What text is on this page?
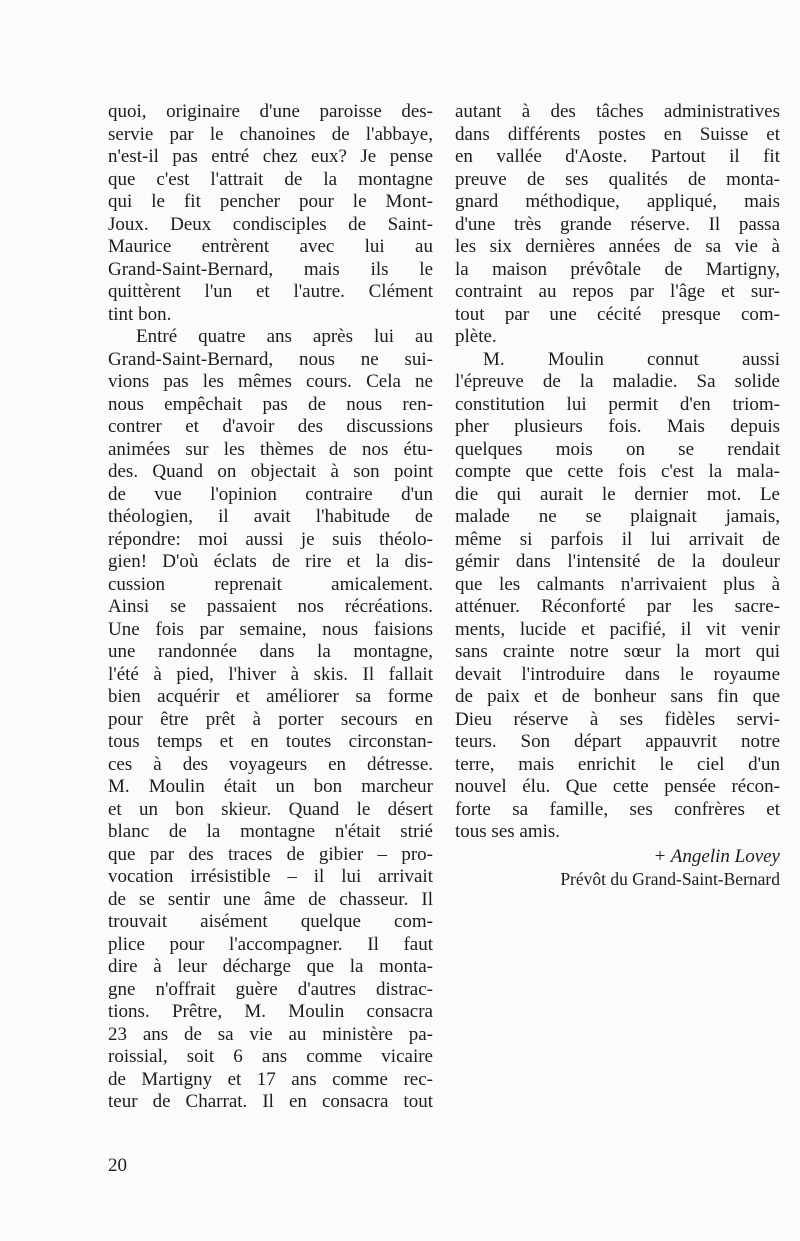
quoi, originaire d'une paroisse des-
servie par le chanoines de l'abbaye,
n'est-il pas entré chez eux? Je pense
que c'est l'attrait de la montagne
qui le fit pencher pour le Mont-
Joux. Deux condisciples de Saint-
Maurice entrèrent avec lui au
Grand-Saint-Bernard, mais ils le
quittèrent l'un et l'autre. Clément
tint bon.
Entré quatre ans après lui au
Grand-Saint-Bernard, nous ne sui-
vions pas les mêmes cours. Cela ne
nous empêchait pas de nous ren-
contrer et d'avoir des discussions
animées sur les thèmes de nos étu-
des. Quand on objectait à son point
de vue l'opinion contraire d'un
théologien, il avait l'habitude de
répondre: moi aussi je suis théolo-
gien! D'où éclats de rire et la dis-
cussion reprenait amicalement.
Ainsi se passaient nos récréations.
Une fois par semaine, nous faisions
une randonnée dans la montagne,
l'été à pied, l'hiver à skis. Il fallait
bien acquérir et améliorer sa forme
pour être prêt à porter secours en
tous temps et en toutes circonstan-
ces à des voyageurs en détresse.
M. Moulin était un bon marcheur
et un bon skieur. Quand le désert
blanc de la montagne n'était strié
que par des traces de gibier – pro-
vocation irrésistible – il lui arrivait
de se sentir une âme de chasseur. Il
trouvait aisément quelque com-
plice pour l'accompagner. Il faut
dire à leur décharge que la monta-
gne n'offrait guère d'autres distrac-
tions. Prêtre, M. Moulin consacra
23 ans de sa vie au ministère pa-
roissial, soit 6 ans comme vicaire
de Martigny et 17 ans comme rec-
teur de Charrat. Il en consacra tout
autant à des tâches administratives
dans différents postes en Suisse et
en vallée d'Aoste. Partout il fit
preuve de ses qualités de monta-
gnard méthodique, appliqué, mais
d'une très grande réserve. Il passa
les six dernières années de sa vie à
la maison prévôtale de Martigny,
contraint au repos par l'âge et sur-
tout par une cécité presque com-
plète.
M. Moulin connut aussi
l'épreuve de la maladie. Sa solide
constitution lui permit d'en triom-
pher plusieurs fois. Mais depuis
quelques mois on se rendait
compte que cette fois c'est la mala-
die qui aurait le dernier mot. Le
malade ne se plaignait jamais,
même si parfois il lui arrivait de
gémir dans l'intensité de la douleur
que les calmants n'arrivaient plus à
atténuer. Réconforté par les sacre-
ments, lucide et pacifié, il vit venir
sans crainte notre sœur la mort qui
devait l'introduire dans le royaume
de paix et de bonheur sans fin que
Dieu réserve à ses fidèles servi-
teurs. Son départ appauvrit notre
terre, mais enrichit le ciel d'un
nouvel élu. Que cette pensée récon-
forte sa famille, ses confrères et
tous ses amis.
+ Angelin Lovey
Prévôt du Grand-Saint-Bernard
20
